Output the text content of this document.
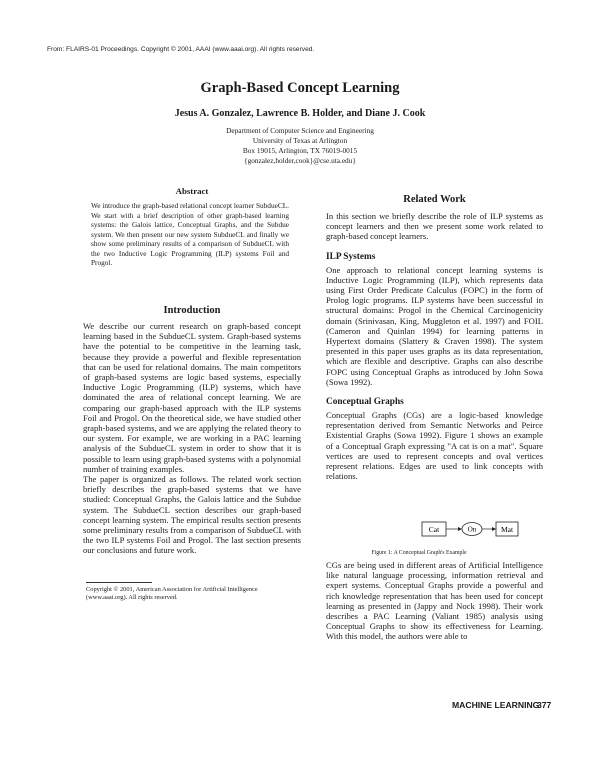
From: FLAIRS-01 Proceedings. Copyright © 2001, AAAI (www.aaai.org). All rights reserved.
Graph-Based Concept Learning
Jesus A. Gonzalez, Lawrence B. Holder, and Diane J. Cook
Department of Computer Science and Engineering
University of Texas at Arlington
Box 19015, Arlington, TX 76019-0015
{gonzalez,holder,cook}@cse.uta.edu}
Abstract

We introduce the graph-based relational concept learner SubdueCL. We start with a brief description of other graph-based learning systems: the Galois lattice, Conceptual Graphs, and the Subdue system. We then present our new system SubdueCL and finally we show some preliminary results of a comparison of SubdueCL with the two Inductive Logic Programming (ILP) systems Foil and Progol.

Introduction

We describe our current research on graph-based concept learning based in the SubdueCL system. Graph-based systems have the potential to be competitive in the learning task, because they provide a powerful and flexible representation that can be used for relational domains. The main competitors of graph-based systems are logic based systems, especially Inductive Logic Programming (ILP) systems, which have dominated the area of relational concept learning. We are comparing our graph-based approach with the ILP systems Foil and Progol. On the theoretical side, we have studied other graph-based systems, and we are applying the related theory to our system. For example, we are working in a PAC learning analysis of the SubdueCL system in order to show that it is possible to learn using graph-based systems with a polynomial number of training examples.

The paper is organized as follows. The related work section briefly describes the graph-based systems that we have studied: Conceptual Graphs, the Galois lattice and the Subdue system. The SubdueCL section describes our graph-based concept learning system. The empirical results section presents some preliminary results from a comparison of SubdueCL with the two ILP systems Foil and Progol. The last section presents our conclusions and future work.

Copyright © 2001, American Association for Artificial Intelligence (www.aaai.org). All rights reserved.
Related Work

In this section we briefly describe the role of ILP systems as concept learners and then we present some work related to graph-based concept learners.

ILP Systems

One approach to relational concept learning systems is Inductive Logic Programming (ILP), which represents data using First Order Predicate Calculus (FOPC) in the form of Prolog logic programs. ILP systems have been successful in structural domains: Progol in the Chemical Carcinogenicity domain (Srinivasan, King, Muggleton et al. 1997) and FOIL (Cameron and Quinlan 1994) for learning patterns in Hypertext domains (Slattery & Craven 1998). The system presented in this paper uses graphs as its data representation, which are flexible and descriptive. Graphs can also describe FOPC using Conceptual Graphs as introduced by John Sowa (Sowa 1992).

Conceptual Graphs

Conceptual Graphs (CGs) are a logic-based knowledge representation derived from Semantic Networks and Peirce Existential Graphs (Sowa 1992). Figure 1 shows an example of a Conceptual Graph expressing "A cat is on a mat". Square vertices are used to represent concepts and oval vertices represent relations. Edges are used to link concepts with relations.

Cat	On	Mat
Figure 1: A Conceptual Graph's Example

CGs are being used in different areas of Artificial Intelligence like natural language processing, information retrieval and expert systems. Conceptual Graphs provide a powerful and rich knowledge representation that has been used for concept learning as presented in (Jappy and Nock 1998). Their work describes a PAC Learning (Valiant 1985) analysis using Conceptual Graphs to show its effectiveness for Learning. With this model, the authors were able to

MACHINE LEARNING
377
